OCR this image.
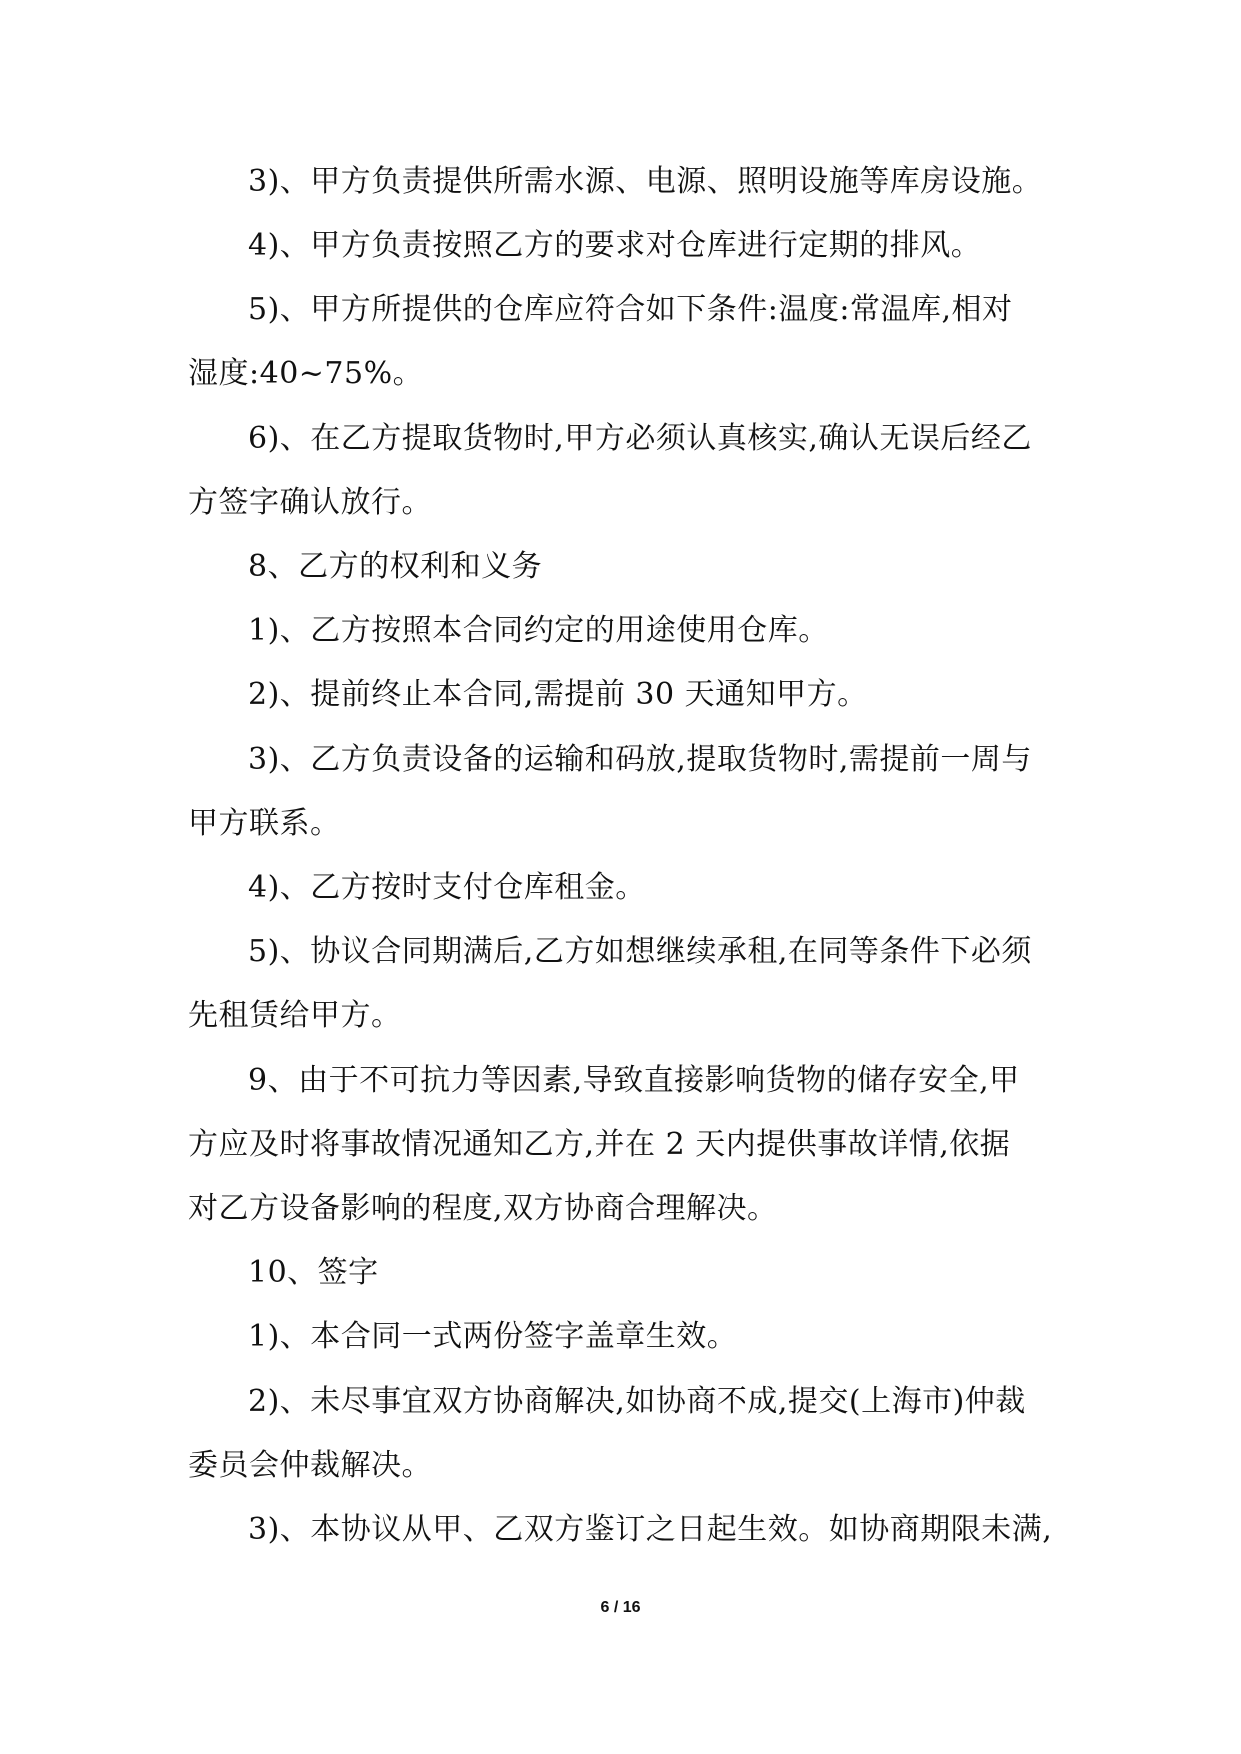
3)、甲方负责提供所需水源、电源、照明设施等库房设施。
4)、甲方负责按照乙方的要求对仓库进行定期的排风。
5)、甲方所提供的仓库应符合如下条件:温度:常温库,相对
湿度:40~75%。
6)、在乙方提取货物时,甲方必须认真核实,确认无误后经乙
方签字确认放行。
8、乙方的权利和义务
1)、乙方按照本合同约定的用途使用仓库。
2)、提前终止本合同,需提前 30 天通知甲方。
3)、乙方负责设备的运输和码放,提取货物时,需提前一周与
甲方联系。
4)、乙方按时支付仓库租金。
5)、协议合同期满后,乙方如想继续承租,在同等条件下必须
先租赁给甲方。
9、由于不可抗力等因素,导致直接影响货物的储存安全,甲
方应及时将事故情况通知乙方,并在 2 天内提供事故详情,依据
对乙方设备影响的程度,双方协商合理解决。
10、签字
1)、本合同一式两份签字盖章生效。
2)、未尽事宜双方协商解决,如协商不成,提交(上海市)仲裁
委员会仲裁解决。
3)、本协议从甲、乙双方鉴订之日起生效。如协商期限未满,
6 / 16
